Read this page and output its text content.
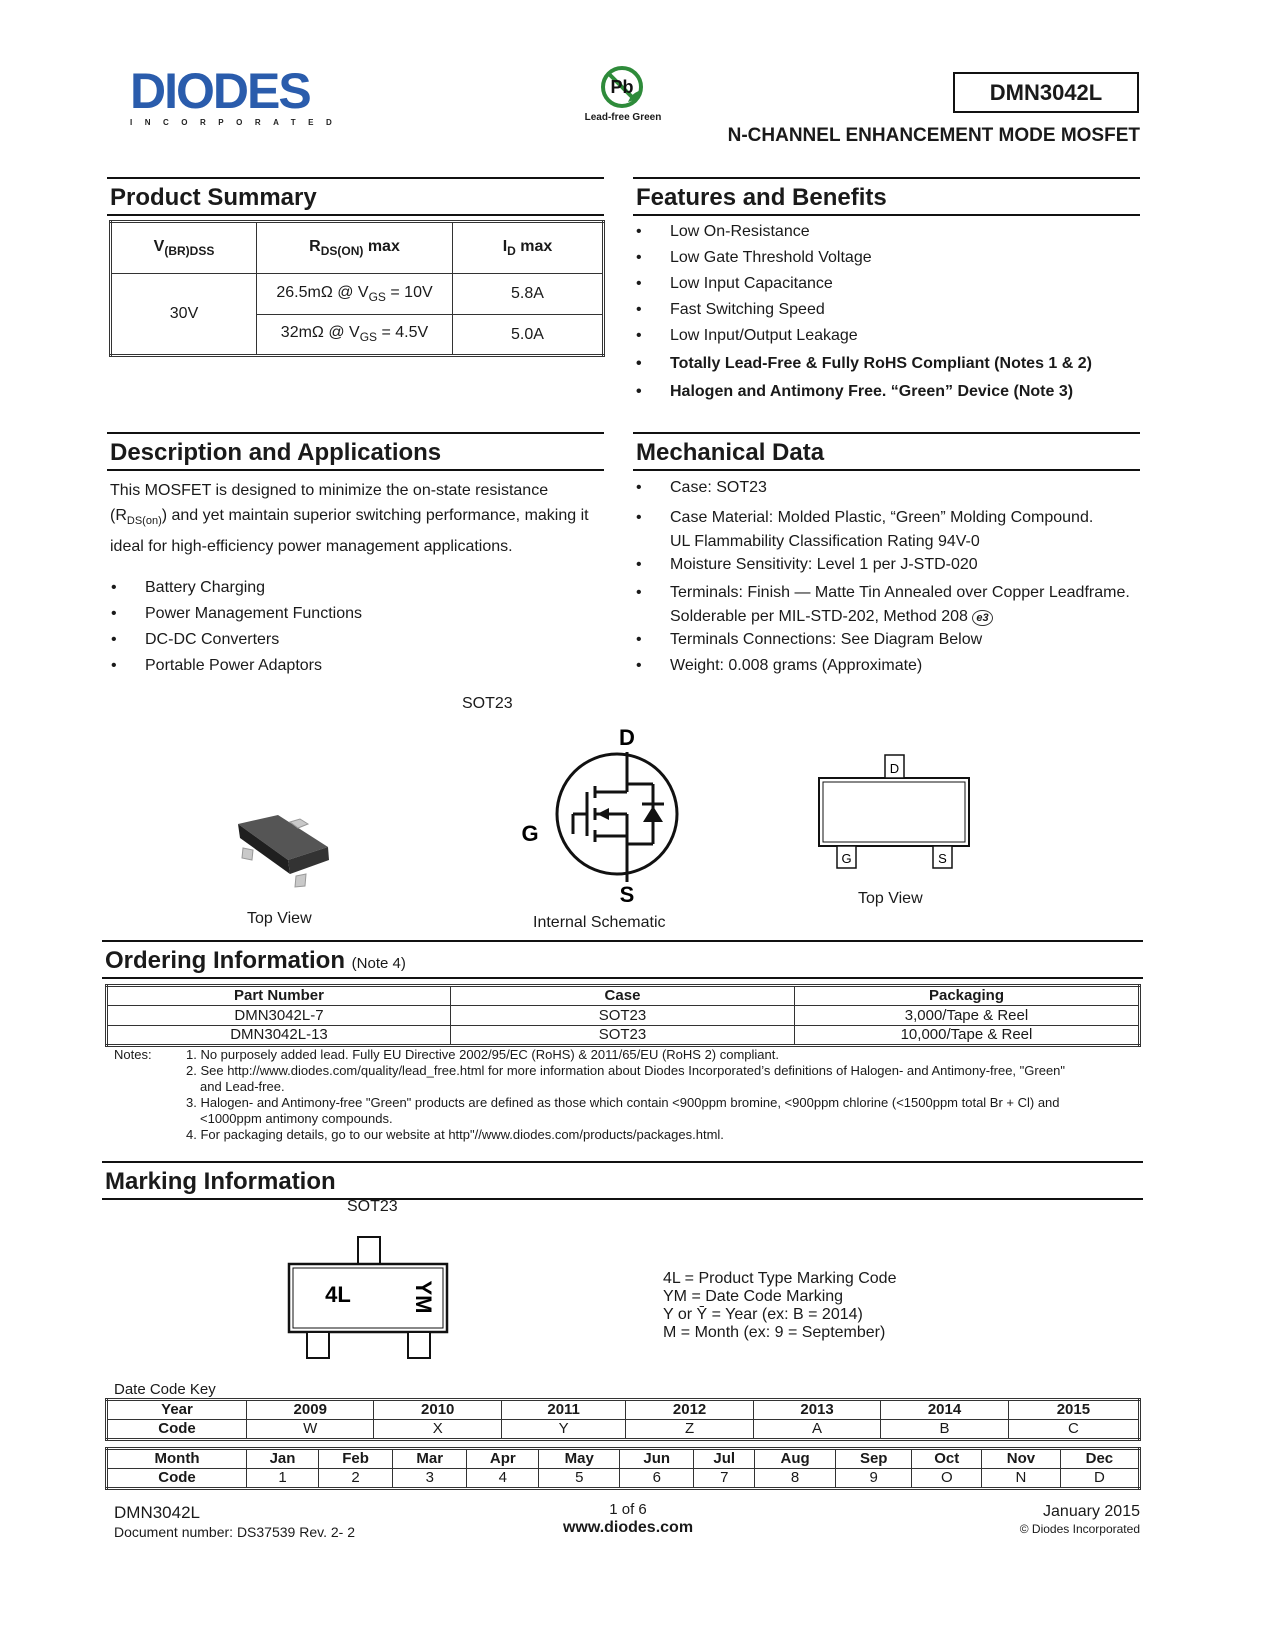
DIODES
INCORPORATED
Pb
Lead-free Green
DMN3042L
N-CHANNEL ENHANCEMENT MODE MOSFET
Product Summary
$V_{(BR)DSS}$	$R_{DS(ON)}$ max	$I_D$ max
30V	26.5mΩ @ $V_{GS} = 10V$	5.8A
	32mΩ @ $V_{GS} = 4.5V$	5.0A
Features and Benefits
• Low On-Resistance
• Low Gate Threshold Voltage
• Low Input Capacitance
• Fast Switching Speed
• Low Input/Output Leakage
• Totally Lead-Free & Fully RoHS Compliant (Notes 1 & 2)
• Halogen and Antimony Free. “Green” Device (Note 3)
Description and Applications
This MOSFET is designed to minimize the on-state resistance
$(R_{DS(on)})$ and yet maintain superior switching performance, making it
ideal for high-efficiency power management applications.
• Battery Charging
• Power Management Functions
• DC-DC Converters
• Portable Power Adaptors
Mechanical Data
• Case: SOT23
• Case Material: Molded Plastic, “Green” Molding Compound.
UL Flammability Classification Rating 94V-0
• Moisture Sensitivity: Level 1 per J-STD-020
• Terminals: Finish — Matte Tin Annealed over Copper Leadframe.
Solderable per MIL-STD-202, Method 208 e3
• Terminals Connections: See Diagram Below
• Weight: 0.008 grams (Approximate)
SOT23
Top View
D
G
S
Internal Schematic
D
G	S
Top View
Ordering Information (Note 4)
Part Number	Case	Packaging
DMN3042L-7	SOT23	3,000/Tape & Reel
DMN3042L-13	SOT23	10,000/Tape & Reel
Notes:	1. No purposely added lead. Fully EU Directive 2002/95/EC (RoHS) & 2011/65/EU (RoHS 2) compliant.
2. See http://www.diodes.com/quality/lead_free.html for more information about Diodes Incorporated’s definitions of Halogen- and Antimony-free, "Green"
and Lead-free.
3. Halogen- and Antimony-free "Green" products are defined as those which contain <900ppm bromine, <900ppm chlorine (<1500ppm total Br + Cl) and
<1000ppm antimony compounds.
4. For packaging details, go to our website at http"//www.diodes.com/products/packages.html.
Marking Information
SOT23
4L	YM
4L = Product Type Marking Code
YM = Date Code Marking
Y or Ȳ = Year (ex: B = 2014)
M = Month (ex: 9 = September)
Date Code Key
Year	2009	2010	2011	2012	2013	2014	2015
Code	W	X	Y	Z	A	B	C
Month	Jan	Feb	Mar	Apr	May	Jun	Jul	Aug	Sep	Oct	Nov	Dec
Code	1	2	3	4	5	6	7	8	9	O	N	D
DMN3042L
Document number: DS37539 Rev. 2- 2
1 of 6
www.diodes.com
January 2015
© Diodes Incorporated
